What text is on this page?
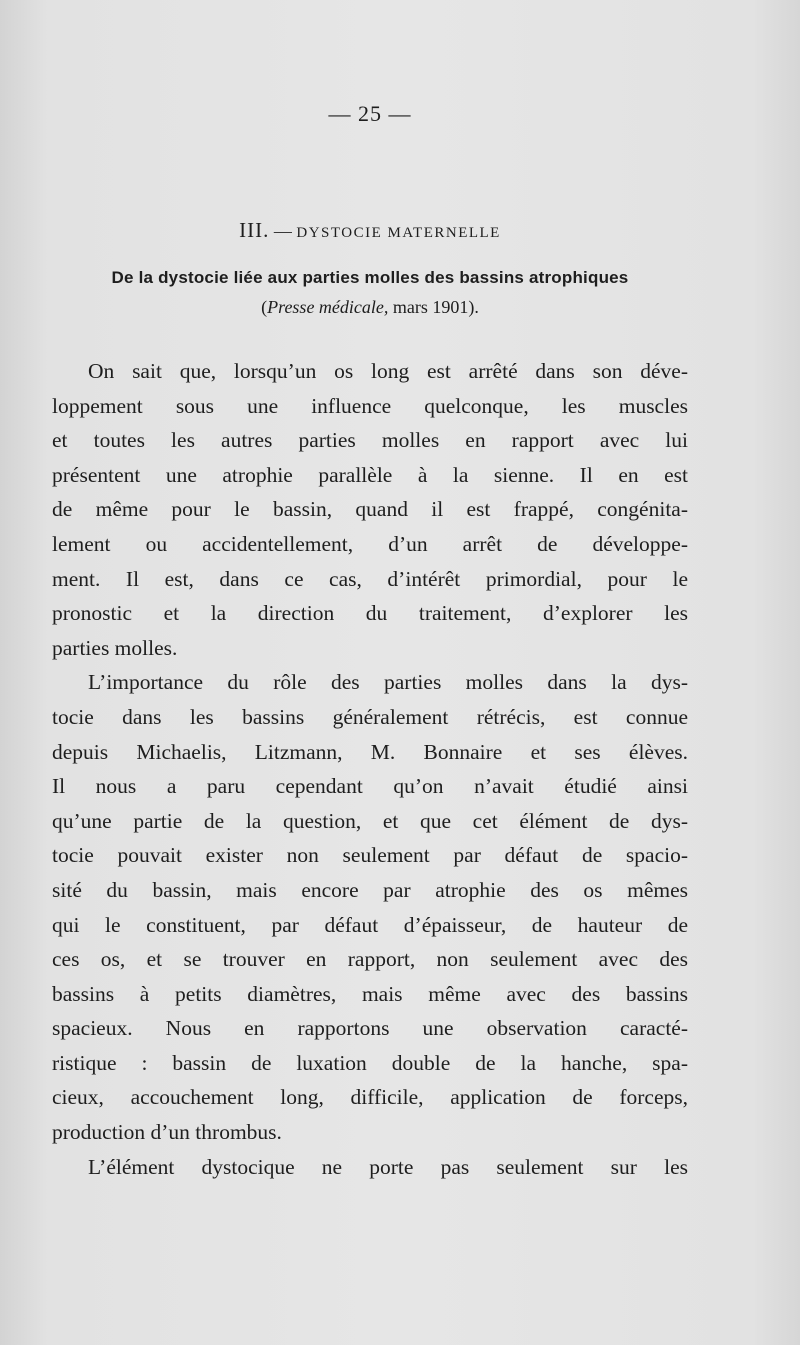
— 25 —
III. — DYSTOCIE MATERNELLE
De la dystocie liée aux parties molles des bassins atrophiques
(Presse médicale, mars 1901).

On sait que, lorsqu’un os long est arrêté dans son déve-

loppement sous une influence quelconque, les muscles

et toutes les autres parties molles en rapport avec lui

présentent une atrophie parallèle à la sienne. Il en est

de même pour le bassin, quand il est frappé, congénita-

lement ou accidentellement, d’un arrêt de développe-

ment. Il est, dans ce cas, d’intérêt primordial, pour le

pronostic et la direction du traitement, d’explorer les

parties molles.

L’importance du rôle des parties molles dans la dys-

tocie dans les bassins généralement rétrécis, est connue

depuis Michaelis, Litzmann, M. Bonnaire et ses élèves.

Il nous a paru cependant qu’on n’avait étudié ainsi

qu’une partie de la question, et que cet élément de dys-

tocie pouvait exister non seulement par défaut de spacio-

sité du bassin, mais encore par atrophie des os mêmes

qui le constituent, par défaut d’épaisseur, de hauteur de

ces os, et se trouver en rapport, non seulement avec des

bassins à petits diamètres, mais même avec des bassins

spacieux. Nous en rapportons une observation caracté-

ristique : bassin de luxation double de la hanche, spa-

cieux, accouchement long, difficile, application de forceps,

production d’un thrombus.

L’élément dystocique ne porte pas seulement sur les
